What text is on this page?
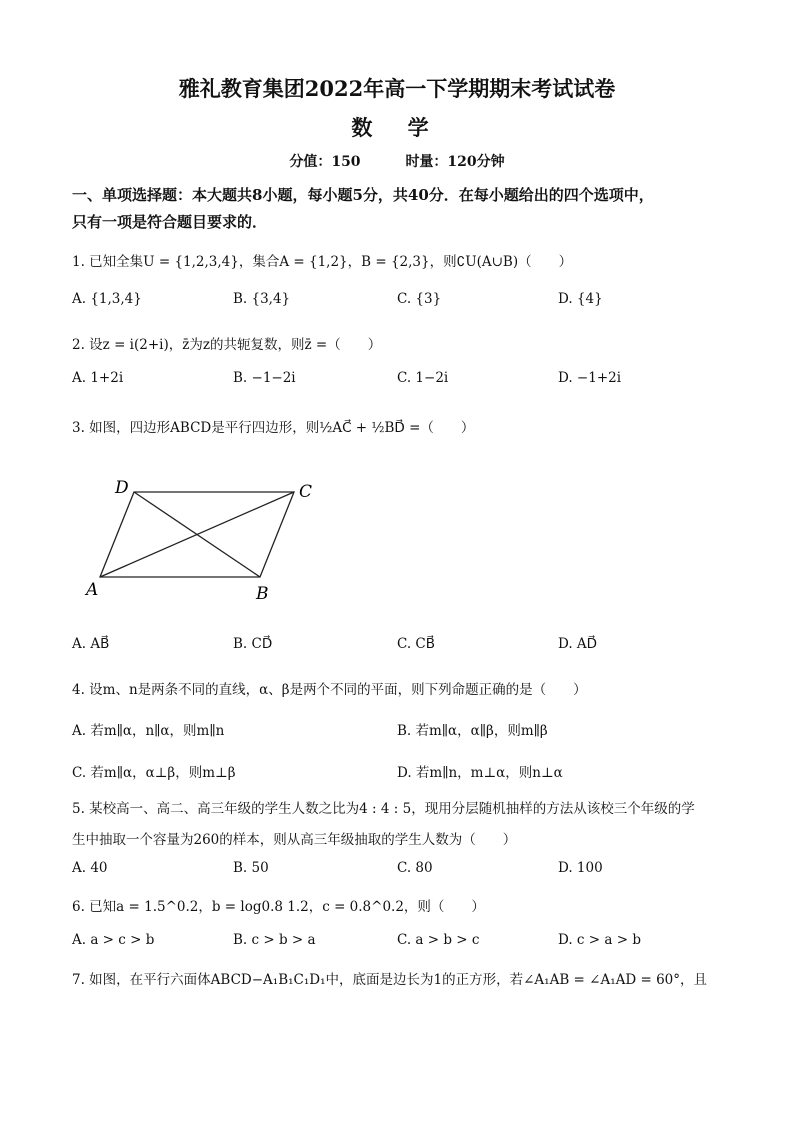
雅礼教育集团2022年高一下学期期末考试试卷
数 学
分值：150	时量：120分钟
一、单项选择题：本大题共8小题，每小题5分，共40分．在每小题给出的四个选项中，
只有一项是符合题目要求的．
1. 已知全集U = {1,2,3,4}，集合A = {1,2}，B = {2,3}，则∁U(A∪B)（　　）
A. {1,3,4}	B. {3,4}	C. {3}	D. {4}
2. 设z = i(2+i)，z̄为z的共轭复数，则z̄ =（　　）
A. 1+2i	B. −1−2i	C. 1−2i	D. −1+2i
3. 如图，四边形ABCD是平行四边形，则½AC⃗ + ½BD⃗ =（　　）
A	B
C
D
A. AB⃗	B. CD⃗	C. CB⃗	D. AD⃗
4. 设m、n是两条不同的直线，α、β是两个不同的平面，则下列命题正确的是（　　）
A. 若m∥α，n∥α，则m∥n	B. 若m∥α，α∥β，则m∥β
C. 若m∥α，α⊥β，则m⊥β	D. 若m∥n，m⊥α，则n⊥α
5. 某校高一、高二、高三年级的学生人数之比为4 : 4 : 5，现用分层随机抽样的方法从该校三个年级的学
生中抽取一个容量为260的样本，则从高三年级抽取的学生人数为（　　）
A. 40	B. 50	C. 80	D. 100
6. 已知a = 1.5^0.2，b = log0.8 1.2，c = 0.8^0.2，则（　　）
A. a > c > b	B. c > b > a	C. a > b > c	D. c > a > b
7. 如图，在平行六面体ABCD−A₁B₁C₁D₁中，底面是边长为1的正方形，若∠A₁AB = ∠A₁AD = 60°，且
